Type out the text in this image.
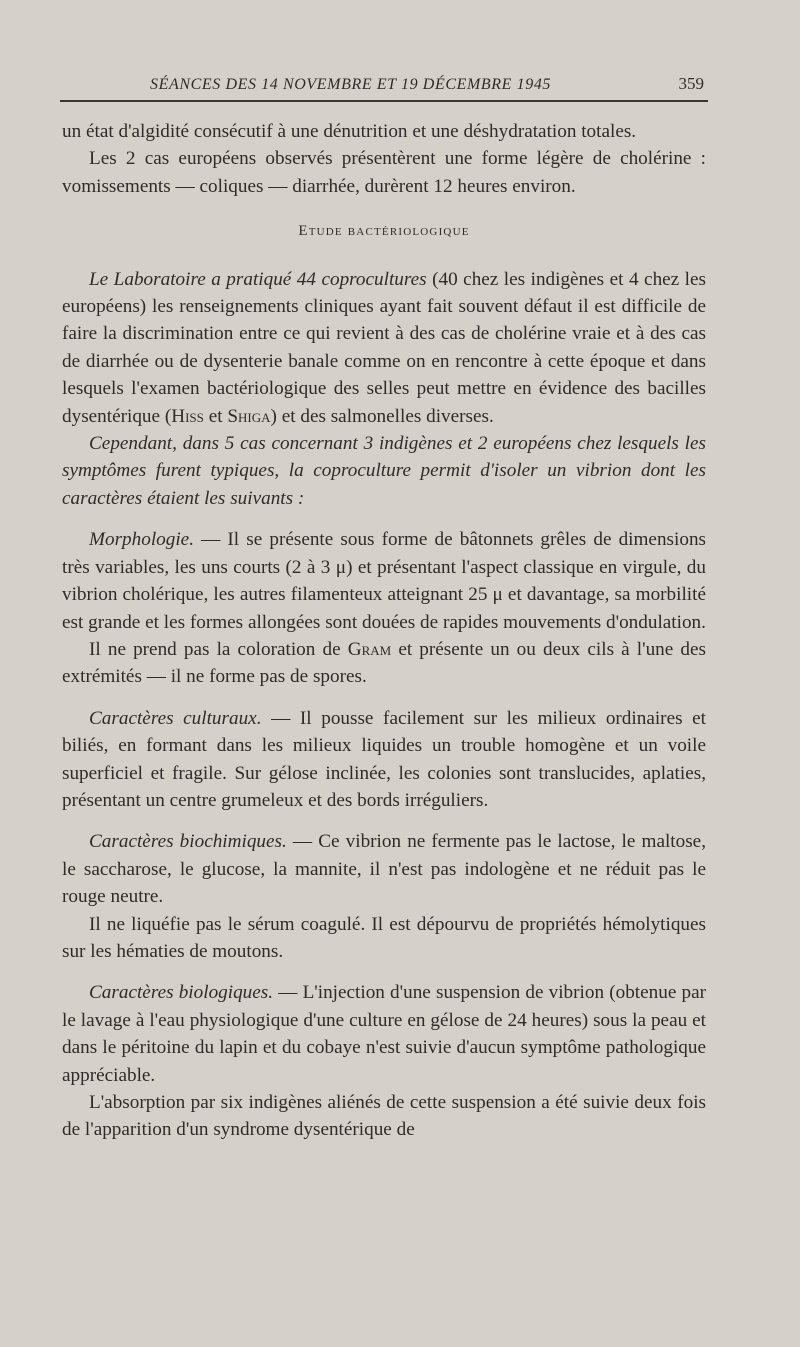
SÉANCES DES 14 NOVEMBRE ET 19 DÉCEMBRE 1945	359

un état d'algidité consécutif à une dénutrition et une déshydratation totales.

Les 2 cas européens observés présentèrent une forme légère de cholérine : vomissements — coliques — diarrhée, durèrent 12 heures environ.

Etude bactériologique

Le Laboratoire a pratiqué 44 coprocultures (40 chez les indigènes et 4 chez les européens) les renseignements cliniques ayant fait souvent défaut il est difficile de faire la discrimination entre ce qui revient à des cas de cholérine vraie et à des cas de diarrhée ou de dysenterie banale comme on en rencontre à cette époque et dans lesquels l'examen bactériologique des selles peut mettre en évidence des bacilles dysentérique (Hiss et Shiga) et des salmonelles diverses.

Cependant, dans 5 cas concernant 3 indigènes et 2 européens chez lesquels les symptômes furent typiques, la coproculture permit d'isoler un vibrion dont les caractères étaient les suivants :

Morphologie. — Il se présente sous forme de bâtonnets grêles de dimensions très variables, les uns courts (2 à 3 μ) et présentant l'aspect classique en virgule, du vibrion cholérique, les autres filamenteux atteignant 25 μ et davantage, sa morbilité est grande et les formes allongées sont douées de rapides mouvements d'ondulation.

Il ne prend pas la coloration de Gram et présente un ou deux cils à l'une des extrémités — il ne forme pas de spores.

Caractères culturaux. — Il pousse facilement sur les milieux ordinaires et biliés, en formant dans les milieux liquides un trouble homogène et un voile superficiel et fragile. Sur gélose inclinée, les colonies sont translucides, aplaties, présentant un centre grumeleux et des bords irréguliers.

Caractères biochimiques. — Ce vibrion ne fermente pas le lactose, le maltose, le saccharose, le glucose, la mannite, il n'est pas indologène et ne réduit pas le rouge neutre.

Il ne liquéfie pas le sérum coagulé. Il est dépourvu de propriétés hémolytiques sur les hématies de moutons.

Caractères biologiques. — L'injection d'une suspension de vibrion (obtenue par le lavage à l'eau physiologique d'une culture en gélose de 24 heures) sous la peau et dans le péritoine du lapin et du cobaye n'est suivie d'aucun symptôme pathologique appréciable.

L'absorption par six indigènes aliénés de cette suspension a été suivie deux fois de l'apparition d'un syndrome dysentérique de
